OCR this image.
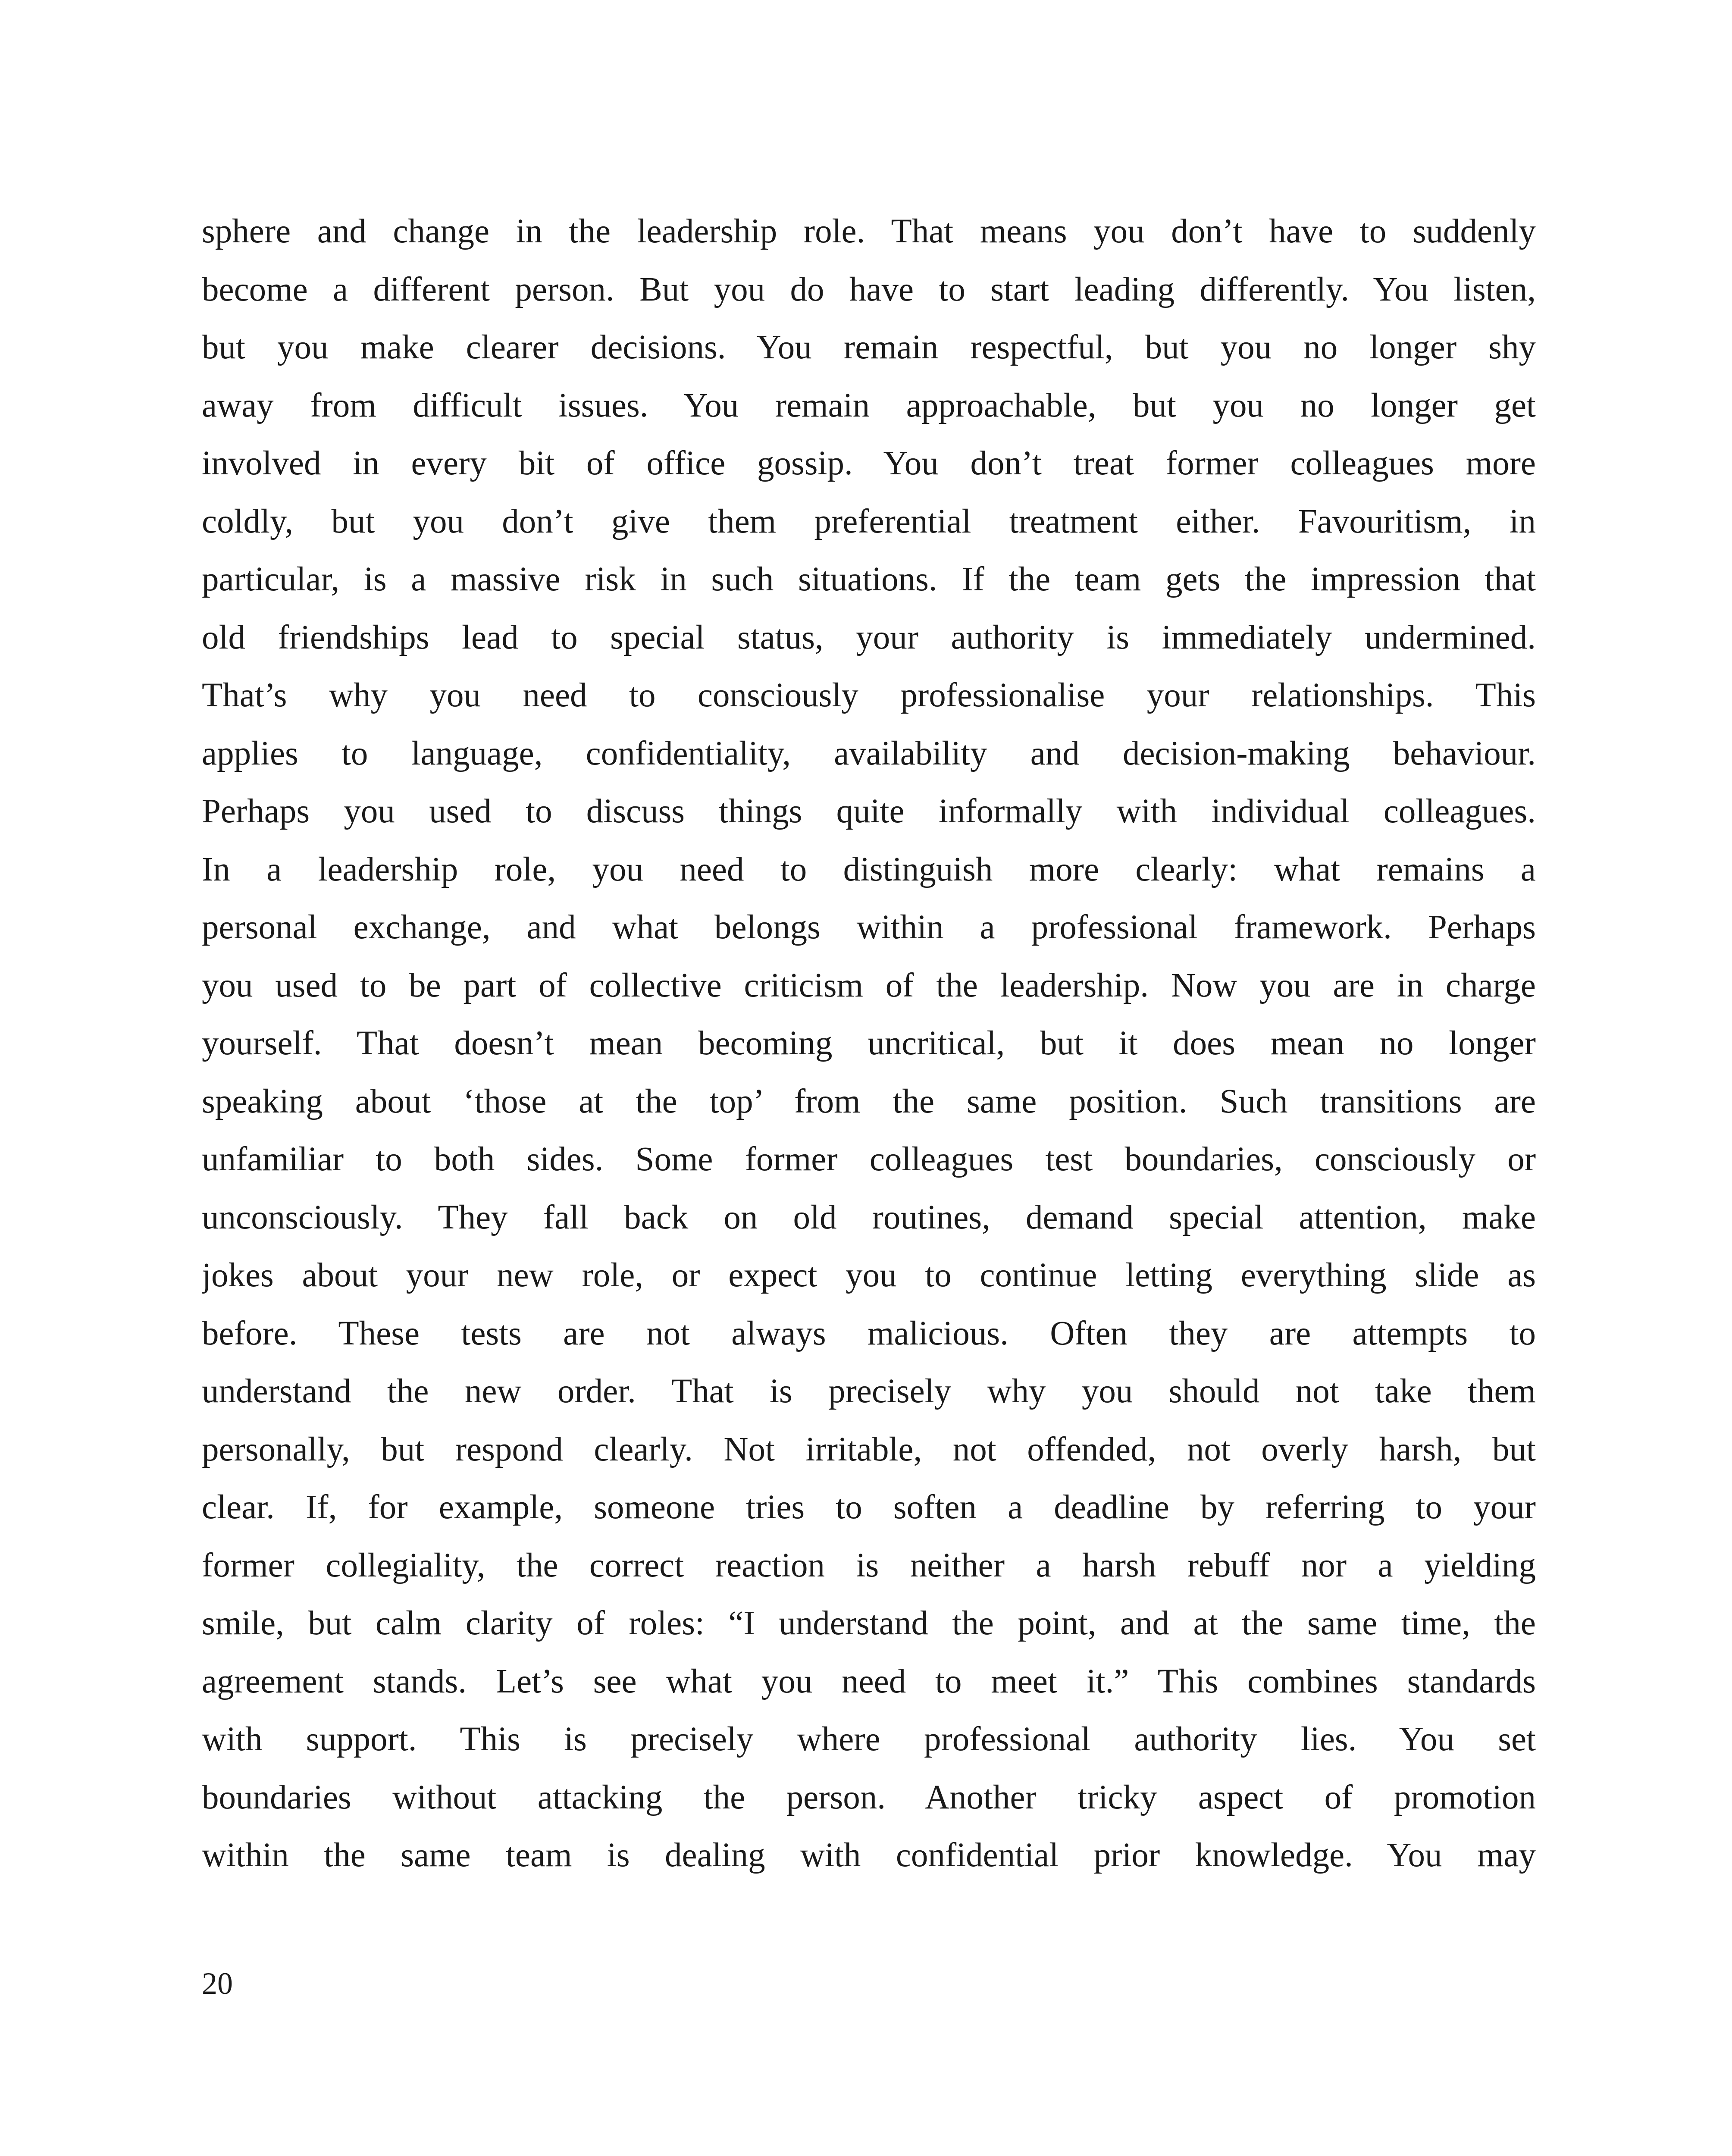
sphere and change in the leadership role. That means you don’t have to suddenly
become a different person. But you do have to start leading differently. You listen,
but you make clearer decisions. You remain respectful, but you no longer shy
away from difficult issues. You remain approachable, but you no longer get
involved in every bit of office gossip. You don’t treat former colleagues more
coldly, but you don’t give them preferential treatment either. Favouritism, in
particular, is a massive risk in such situations. If the team gets the impression that
old friendships lead to special status, your authority is immediately undermined.
That’s why you need to consciously professionalise your relationships. This
applies to language, confidentiality, availability and decision-making behaviour.
Perhaps you used to discuss things quite informally with individual colleagues.
In a leadership role, you need to distinguish more clearly: what remains a
personal exchange, and what belongs within a professional framework. Perhaps
you used to be part of collective criticism of the leadership. Now you are in charge
yourself. That doesn’t mean becoming uncritical, but it does mean no longer
speaking about ‘those at the top’ from the same position. Such transitions are
unfamiliar to both sides. Some former colleagues test boundaries, consciously or
unconsciously. They fall back on old routines, demand special attention, make
jokes about your new role, or expect you to continue letting everything slide as
before. These tests are not always malicious. Often they are attempts to
understand the new order. That is precisely why you should not take them
personally, but respond clearly. Not irritable, not offended, not overly harsh, but
clear. If, for example, someone tries to soften a deadline by referring to your
former collegiality, the correct reaction is neither a harsh rebuff nor a yielding
smile, but calm clarity of roles: “I understand the point, and at the same time, the
agreement stands. Let’s see what you need to meet it.” This combines standards
with support. This is precisely where professional authority lies. You set
boundaries without attacking the person. Another tricky aspect of promotion
within the same team is dealing with confidential prior knowledge. You may

20
